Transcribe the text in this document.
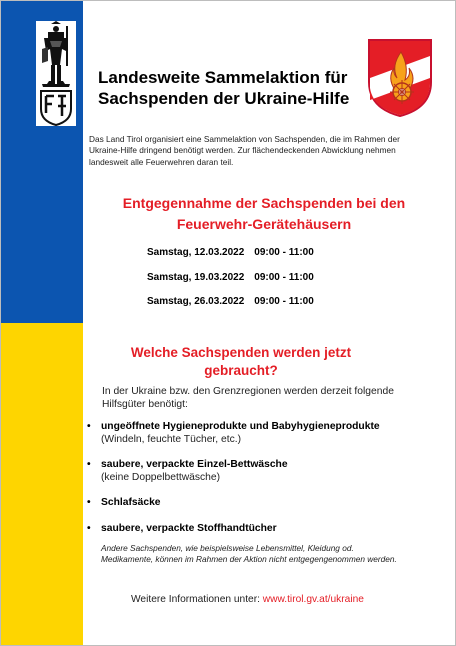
Landesweite Sammelaktion für
Sachspenden der Ukraine-Hilfe
Das Land Tirol organisiert eine Sammelaktion von Sachspenden, die im Rahmen der Ukraine-Hilfe dringend benötigt werden. Zur flächendeckenden Abwicklung nehmen landesweit alle Feuerwehren daran teil.
Entgegennahme der Sachspenden bei den
Feuerwehr-Gerätehäusern
Samstag, 12.03.2022 09:00 - 11:00
Samstag, 19.03.2022 09:00 - 11:00
Samstag, 26.03.2022 09:00 - 11:00
Welche Sachspenden werden jetzt
gebraucht?
In der Ukraine bzw. den Grenzregionen werden derzeit folgende Hilfsgüter benötigt:
• ungeöffnete Hygieneprodukte und Babyhygieneprodukte
(Windeln, feuchte Tücher, etc.)
• saubere, verpackte Einzel-Bettwäsche
(keine Doppelbettwäsche)
• Schlafsäcke
• saubere, verpackte Stoffhandtücher
Andere Sachspenden, wie beispielsweise Lebensmittel, Kleidung od. Medikamente, können im Rahmen der Aktion nicht entgegengenommen werden.
Weitere Informationen unter: www.tirol.gv.at/ukraine
